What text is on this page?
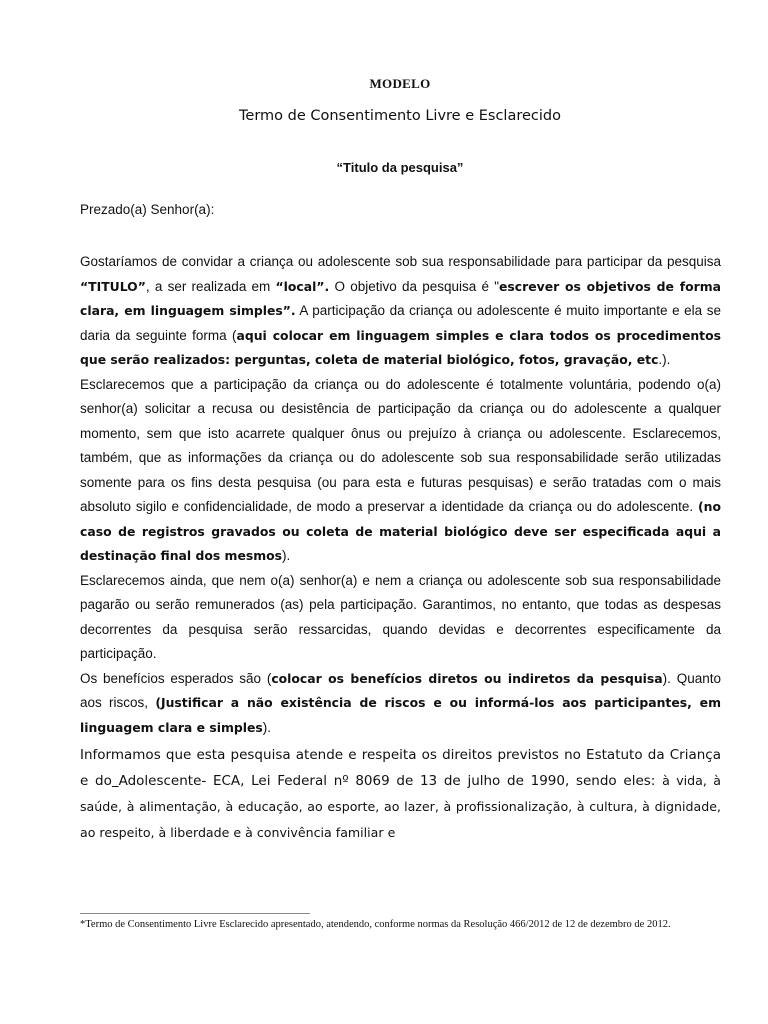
MODELO
Termo de Consentimento Livre e Esclarecido
“Titulo da pesquisa”
Prezado(a) Senhor(a):

Gostaríamos de convidar a criança ou adolescente sob sua responsabilidade para participar da pesquisa “TITULO”, a ser realizada em “local”. O objetivo da pesquisa é "escrever os objetivos de forma clara, em linguagem simples”. A participação da criança ou adolescente é muito importante e ela se daria da seguinte forma (aqui colocar em linguagem simples e clara todos os procedimentos que serão realizados: perguntas, coleta de material biológico, fotos, gravação, etc.).

Esclarecemos que a participação da criança ou do adolescente é totalmente voluntária, podendo o(a) senhor(a) solicitar a recusa ou desistência de participação da criança ou do adolescente a qualquer momento, sem que isto acarrete qualquer ônus ou prejuízo à criança ou adolescente. Esclarecemos, também, que as informações da criança ou do adolescente sob sua responsabilidade serão utilizadas somente para os fins desta pesquisa (ou para esta e futuras pesquisas) e serão tratadas com o mais absoluto sigilo e confidencialidade, de modo a preservar a identidade da criança ou do adolescente. (no caso de registros gravados ou coleta de material biológico deve ser especificada aqui a destinação final dos mesmos).

Esclarecemos ainda, que nem o(a) senhor(a) e nem a criança ou adolescente sob sua responsabilidade pagarão ou serão remunerados (as) pela participação. Garantimos, no entanto, que todas as despesas decorrentes da pesquisa serão ressarcidas, quando devidas e decorrentes especificamente da participação.

Os benefícios esperados são (colocar os benefícios diretos ou indiretos da pesquisa). Quanto aos riscos, (Justificar a não existência de riscos e ou informá-los aos participantes, em linguagem clara e simples).

Informamos que esta pesquisa atende e respeita os direitos previstos no Estatuto da Criança e do Adolescente- ECA, Lei Federal nº 8069 de 13 de julho de 1990, sendo eles: à vida, à saúde, à alimentação, à educação, ao esporte, ao lazer, à profissionalização, à cultura, à dignidade, ao respeito, à liberdade e à convivência familiar e

*Termo de Consentimento Livre Esclarecido apresentado, atendendo, conforme normas da Resolução 466/2012 de 12 de dezembro de 2012.
